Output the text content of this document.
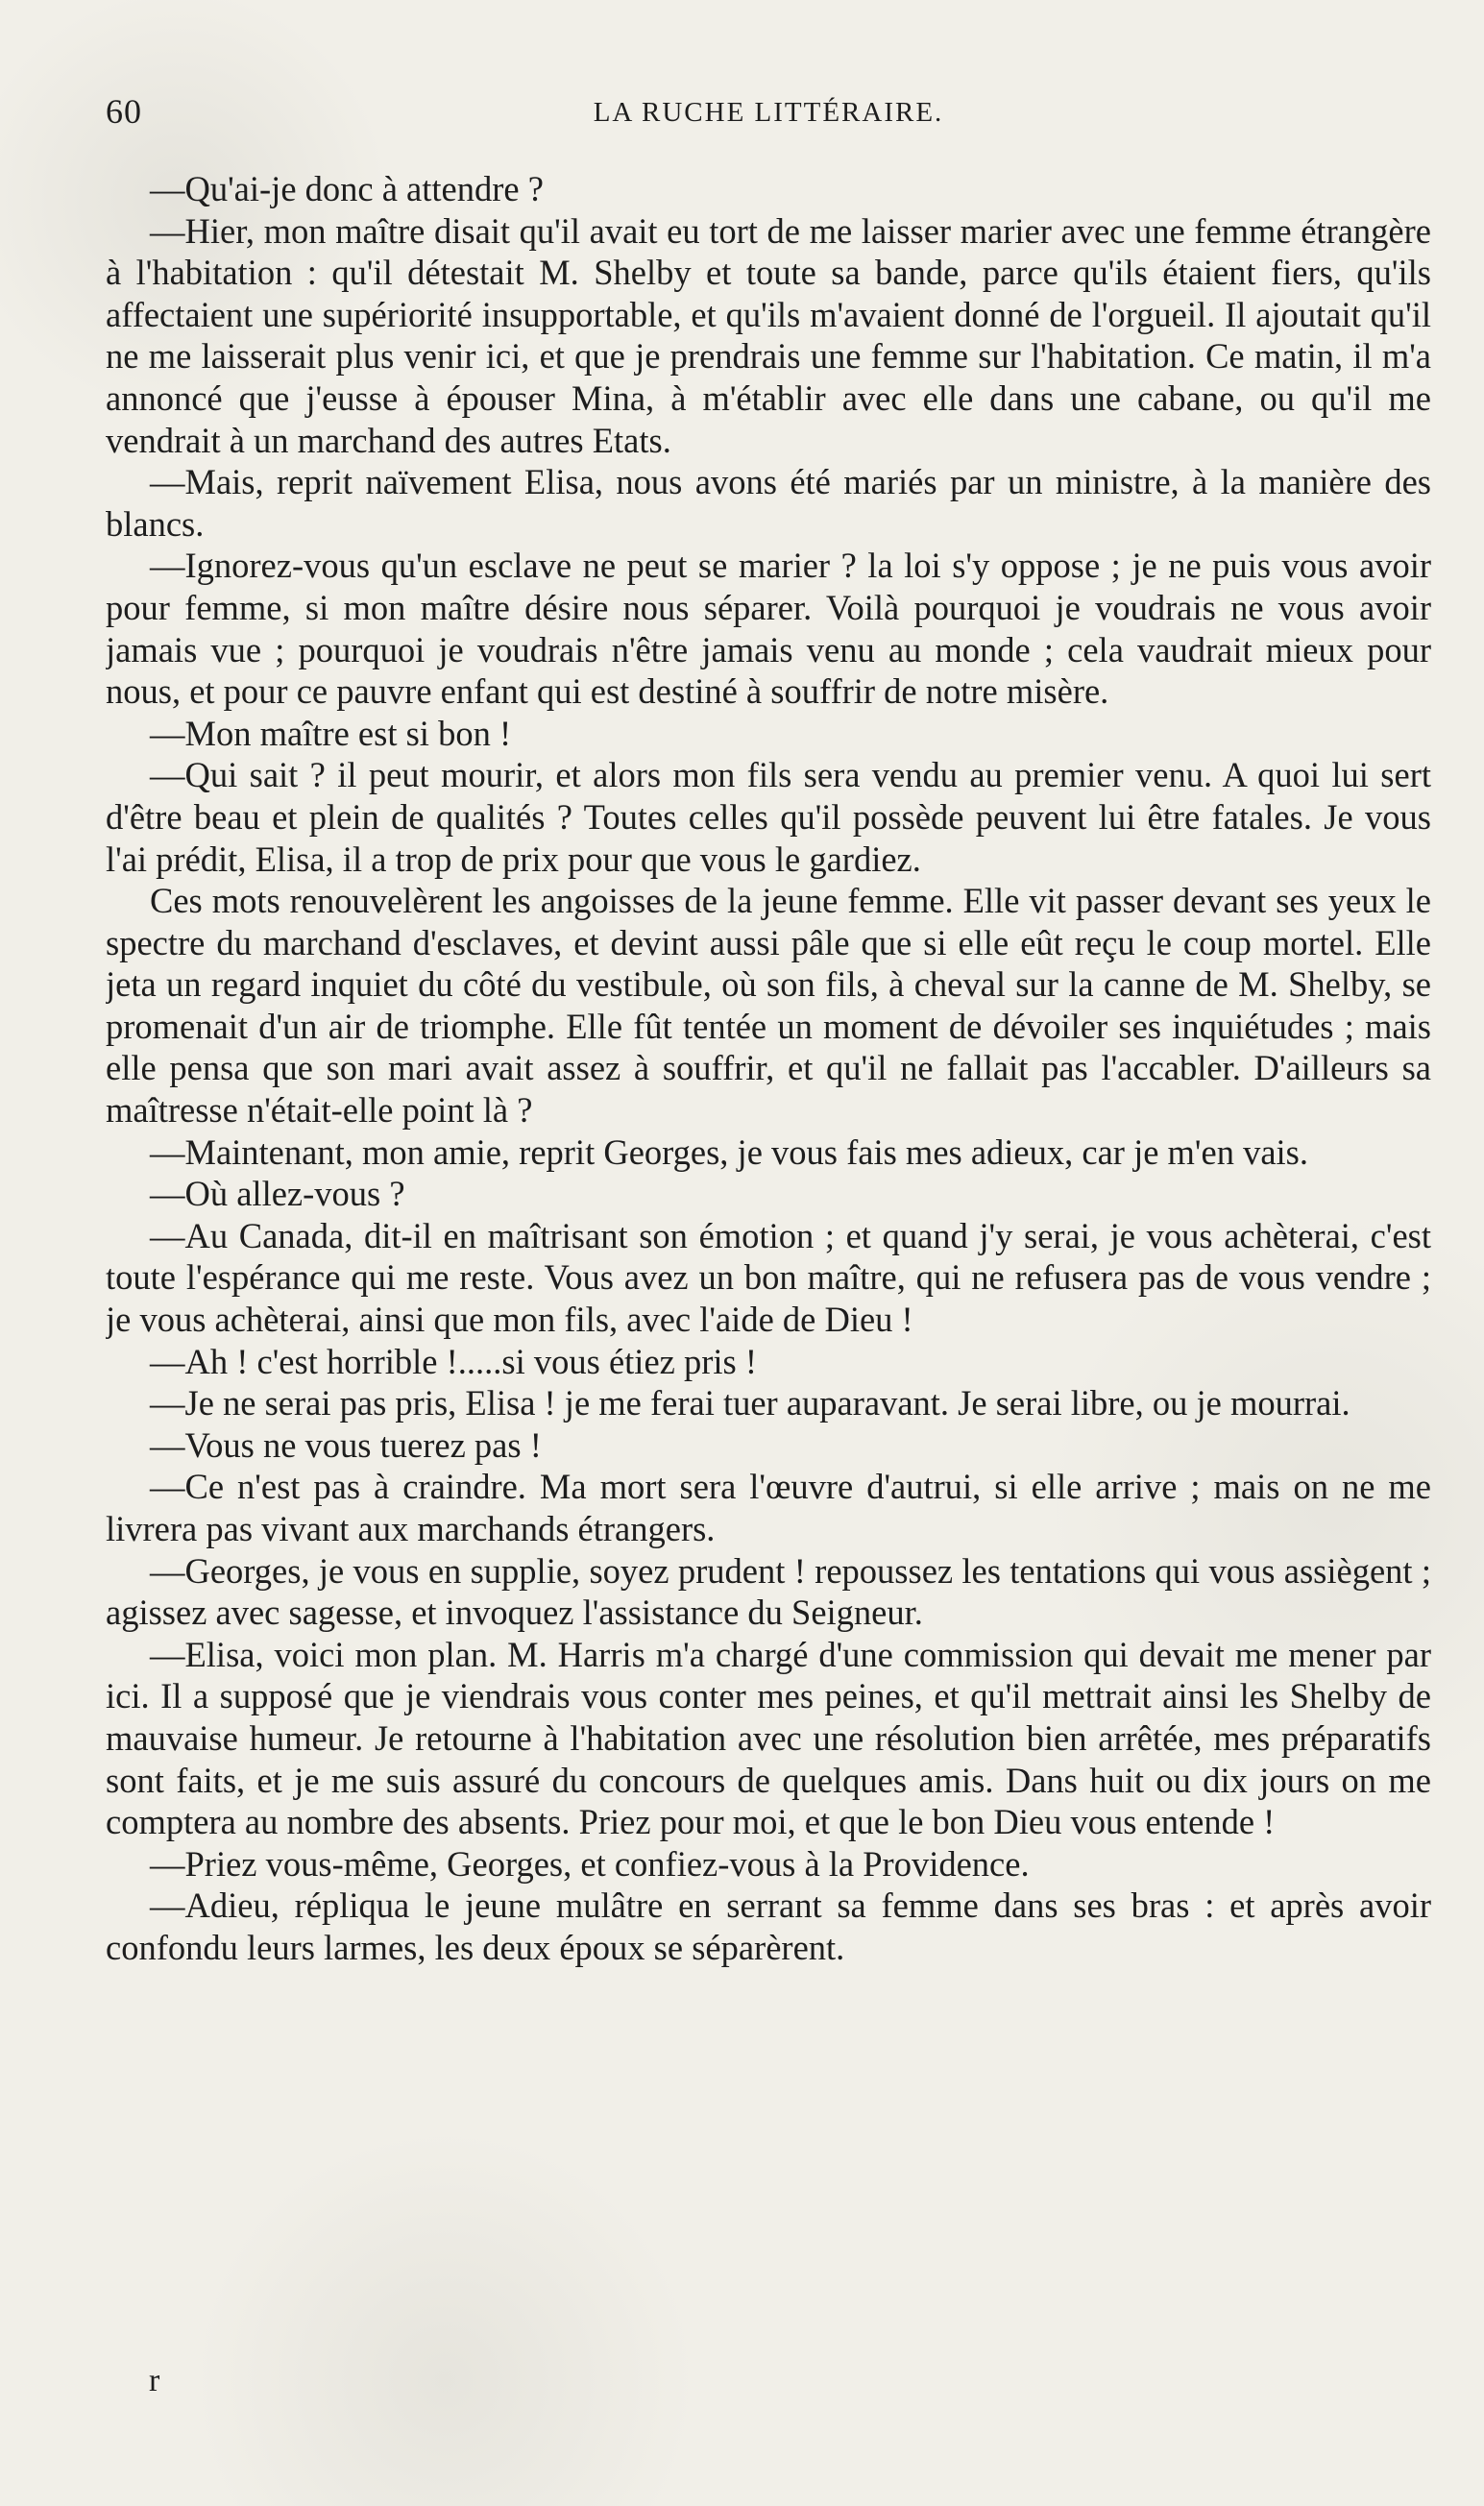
60	LA RUCHE LITTÉRAIRE.

—Qu'ai-je donc à attendre ?

—Hier, mon maître disait qu'il avait eu tort de me laisser marier avec une femme étrangère à l'habitation : qu'il détestait M. Shelby et toute sa bande, parce qu'ils étaient fiers, qu'ils affectaient une supériorité insupportable, et qu'ils m'avaient donné de l'orgueil. Il ajoutait qu'il ne me laisserait plus venir ici, et que je prendrais une femme sur l'habitation. Ce matin, il m'a annoncé que j'eusse à épouser Mina, à m'établir avec elle dans une cabane, ou qu'il me vendrait à un marchand des autres Etats.

—Mais, reprit naïvement Elisa, nous avons été mariés par un ministre, à la manière des blancs.

—Ignorez-vous qu'un esclave ne peut se marier ? la loi s'y oppose ; je ne puis vous avoir pour femme, si mon maître désire nous séparer. Voilà pourquoi je voudrais ne vous avoir jamais vue ; pourquoi je voudrais n'être jamais venu au monde ; cela vaudrait mieux pour nous, et pour ce pauvre enfant qui est destiné à souffrir de notre misère.

—Mon maître est si bon !

—Qui sait ? il peut mourir, et alors mon fils sera vendu au premier venu. A quoi lui sert d'être beau et plein de qualités ? Toutes celles qu'il possède peuvent lui être fatales. Je vous l'ai prédit, Elisa, il a trop de prix pour que vous le gardiez.

Ces mots renouvelèrent les angoisses de la jeune femme. Elle vit passer devant ses yeux le spectre du marchand d'esclaves, et devint aussi pâle que si elle eût reçu le coup mortel. Elle jeta un regard inquiet du côté du vestibule, où son fils, à cheval sur la canne de M. Shelby, se promenait d'un air de triomphe. Elle fût tentée un moment de dévoiler ses inquiétudes ; mais elle pensa que son mari avait assez à souffrir, et qu'il ne fallait pas l'accabler. D'ailleurs sa maîtresse n'était-elle point là ?

—Maintenant, mon amie, reprit Georges, je vous fais mes adieux, car je m'en vais.

—Où allez-vous ?

—Au Canada, dit-il en maîtrisant son émotion ; et quand j'y serai, je vous achèterai, c'est toute l'espérance qui me reste. Vous avez un bon maître, qui ne refusera pas de vous vendre ; je vous achèterai, ainsi que mon fils, avec l'aide de Dieu !

—Ah ! c'est horrible !.....si vous étiez pris !

—Je ne serai pas pris, Elisa ! je me ferai tuer auparavant. Je serai libre, ou je mourrai.

—Vous ne vous tuerez pas !

—Ce n'est pas à craindre. Ma mort sera l'œuvre d'autrui, si elle arrive ; mais on ne me livrera pas vivant aux marchands étrangers.

—Georges, je vous en supplie, soyez prudent ! repoussez les tentations qui vous assiègent ; agissez avec sagesse, et invoquez l'assistance du Seigneur.

—Elisa, voici mon plan. M. Harris m'a chargé d'une commission qui devait me mener par ici. Il a supposé que je viendrais vous conter mes peines, et qu'il mettrait ainsi les Shelby de mauvaise humeur. Je retourne à l'habitation avec une résolution bien arrêtée, mes préparatifs sont faits, et je me suis assuré du concours de quelques amis. Dans huit ou dix jours on me comptera au nombre des absents. Priez pour moi, et que le bon Dieu vous entende !

—Priez vous-même, Georges, et confiez-vous à la Providence.

—Adieu, répliqua le jeune mulâtre en serrant sa femme dans ses bras : et après avoir confondu leurs larmes, les deux époux se séparèrent.

r
